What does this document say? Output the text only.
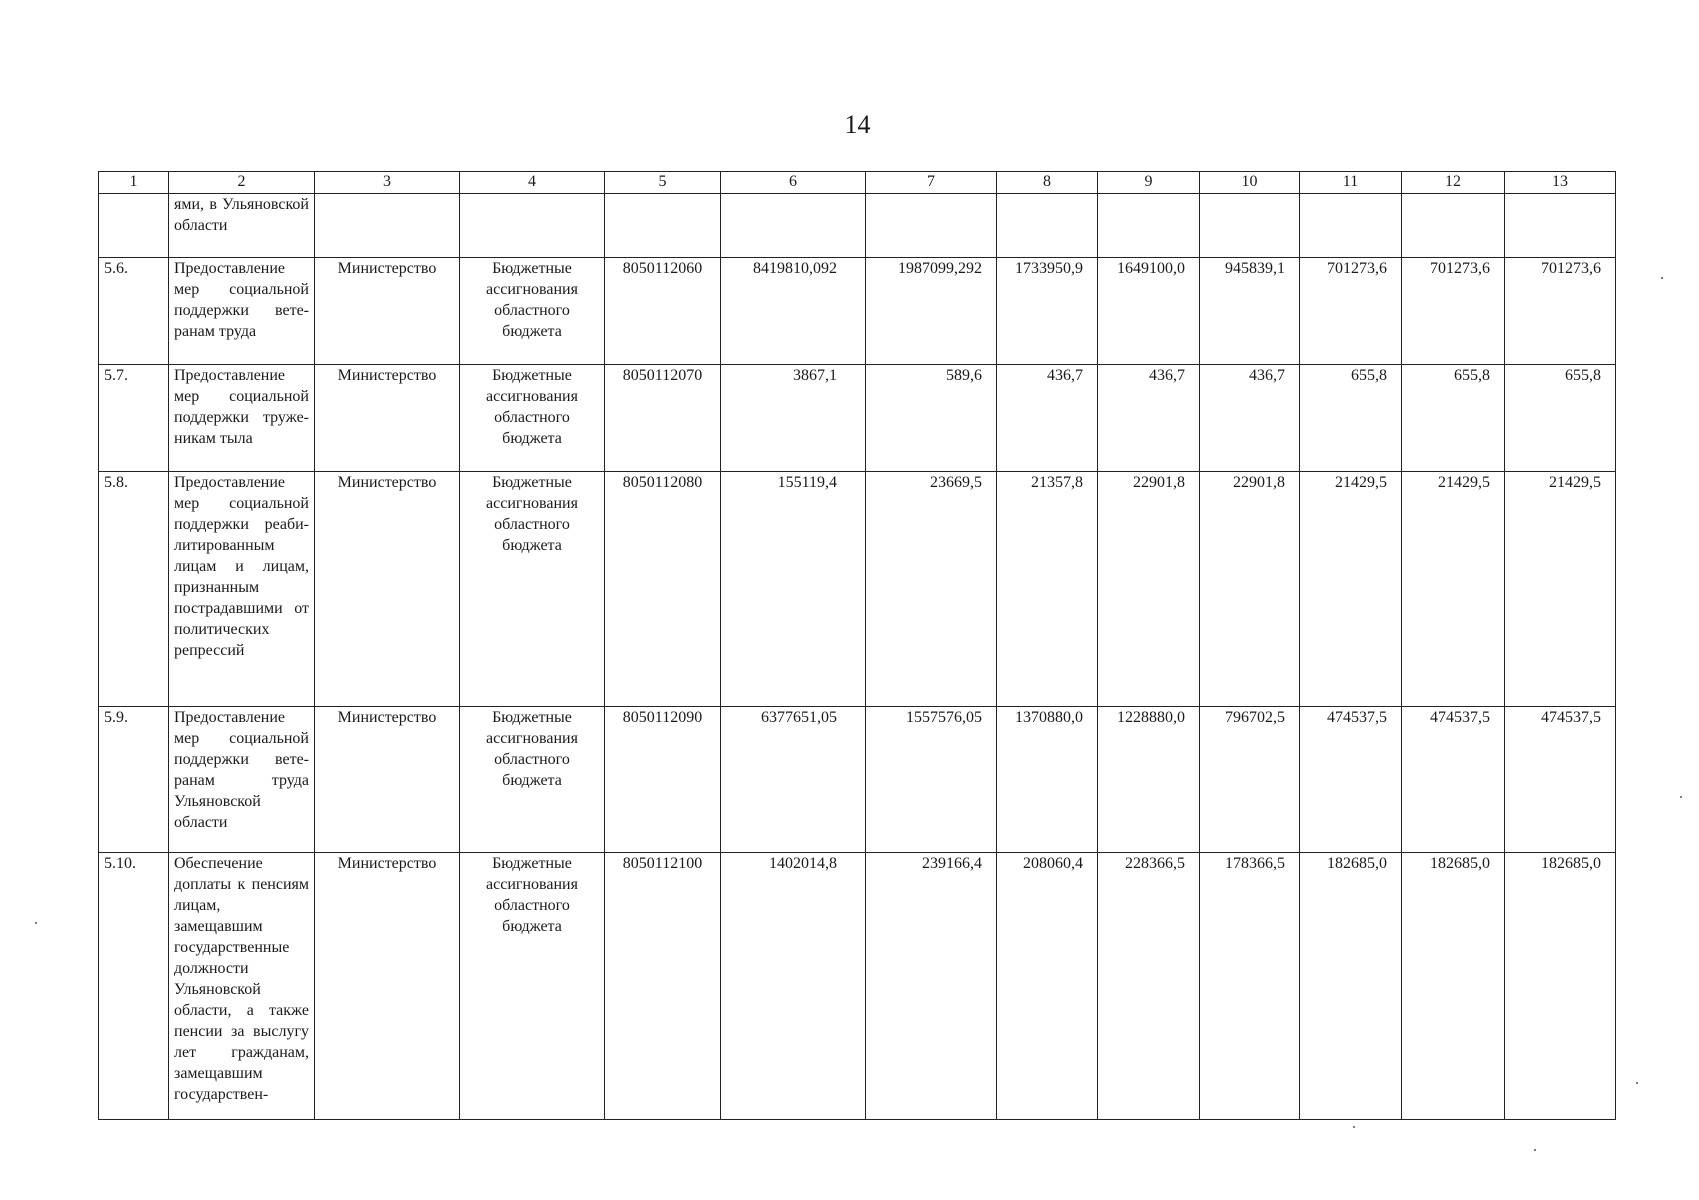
14
1	2	3	4	5	6	7	8	9	10	11	12	13
	ями, в Ульяновской области											
5.6.	Предоставление мер социальной поддержки ветеранам труда	Министерство	Бюджетные ассигнования областного бюджета	8050112060	8419810,092	1987099,292	1733950,9	1649100,0	945839,1	701273,6	701273,6	701273,6
5.7.	Предоставление мер социальной поддержки труженикам тыла	Министерство	Бюджетные ассигнования областного бюджета	8050112070	3867,1	589,6	436,7	436,7	436,7	655,8	655,8	655,8
5.8.	Предоставление мер социальной поддержки реабилитированным лицам и лицам, признанным пострадавшими от политических репрессий	Министерство	Бюджетные ассигнования областного бюджета	8050112080	155119,4	23669,5	21357,8	22901,8	22901,8	21429,5	21429,5	21429,5
5.9.	Предоставление мер социальной поддержки ветеранам труда Ульяновской области	Министерство	Бюджетные ассигнования областного бюджета	8050112090	6377651,05	1557576,05	1370880,0	1228880,0	796702,5	474537,5	474537,5	474537,5
5.10.	Обеспечение доплаты к пенсиям лицам, замещавшим государственные должности Ульяновской области, а также пенсии за выслугу лет гражданам, замещавшим государствен-	Министерство	Бюджетные ассигнования областного бюджета	8050112100	1402014,8	239166,4	208060,4	228366,5	178366,5	182685,0	182685,0	182685,0
